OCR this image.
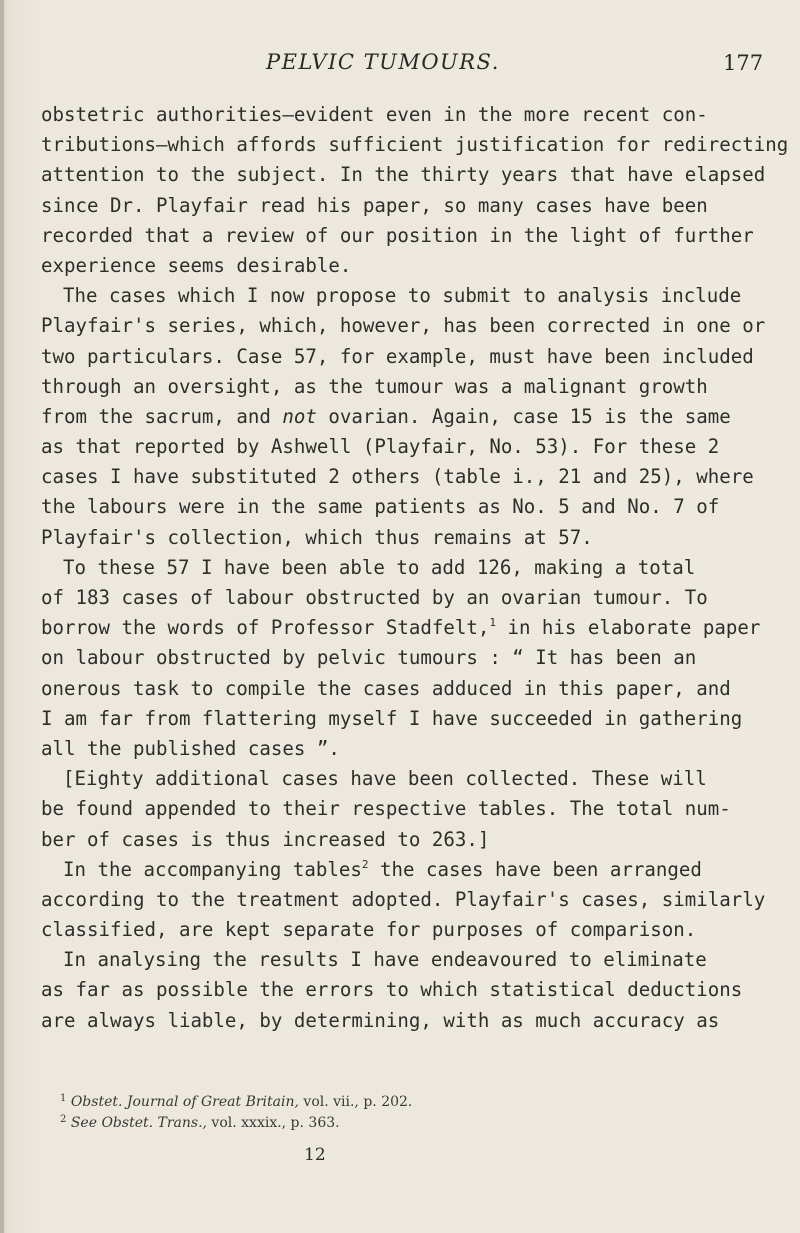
PELVIC TUMOURS.	177
obstetric authorities—evident even in the more recent con-
tributions—which affords sufficient justification for redirecting
attention to the subject. In the thirty years that have elapsed
since Dr. Playfair read his paper, so many cases have been
recorded that a review of our position in the light of further
experience seems desirable.
The cases which I now propose to submit to analysis include
Playfair's series, which, however, has been corrected in one or
two particulars. Case 57, for example, must have been included
through an oversight, as the tumour was a malignant growth
from the sacrum, and not ovarian. Again, case 15 is the same
as that reported by Ashwell (Playfair, No. 53). For these 2
cases I have substituted 2 others (table i., 21 and 25), where
the labours were in the same patients as No. 5 and No. 7 of
Playfair's collection, which thus remains at 57.
To these 57 I have been able to add 126, making a total
of 183 cases of labour obstructed by an ovarian tumour. To
borrow the words of Professor Stadfelt,$^1$ in his elaborate paper
on labour obstructed by pelvic tumours : “ It has been an
onerous task to compile the cases adduced in this paper, and
I am far from flattering myself I have succeeded in gathering
all the published cases ”.
[Eighty additional cases have been collected. These will
be found appended to their respective tables. The total num-
ber of cases is thus increased to 263.]
In the accompanying tables$^2$ the cases have been arranged
according to the treatment adopted. Playfair's cases, similarly
classified, are kept separate for purposes of comparison.
In analysing the results I have endeavoured to eliminate
as far as possible the errors to which statistical deductions
are always liable, by determining, with as much accuracy as
$^1$ Obstet. Journal of Great Britain, vol. vii., p. 202.
$^2$ See Obstet. Trans., vol. xxxix., p. 363.
12
